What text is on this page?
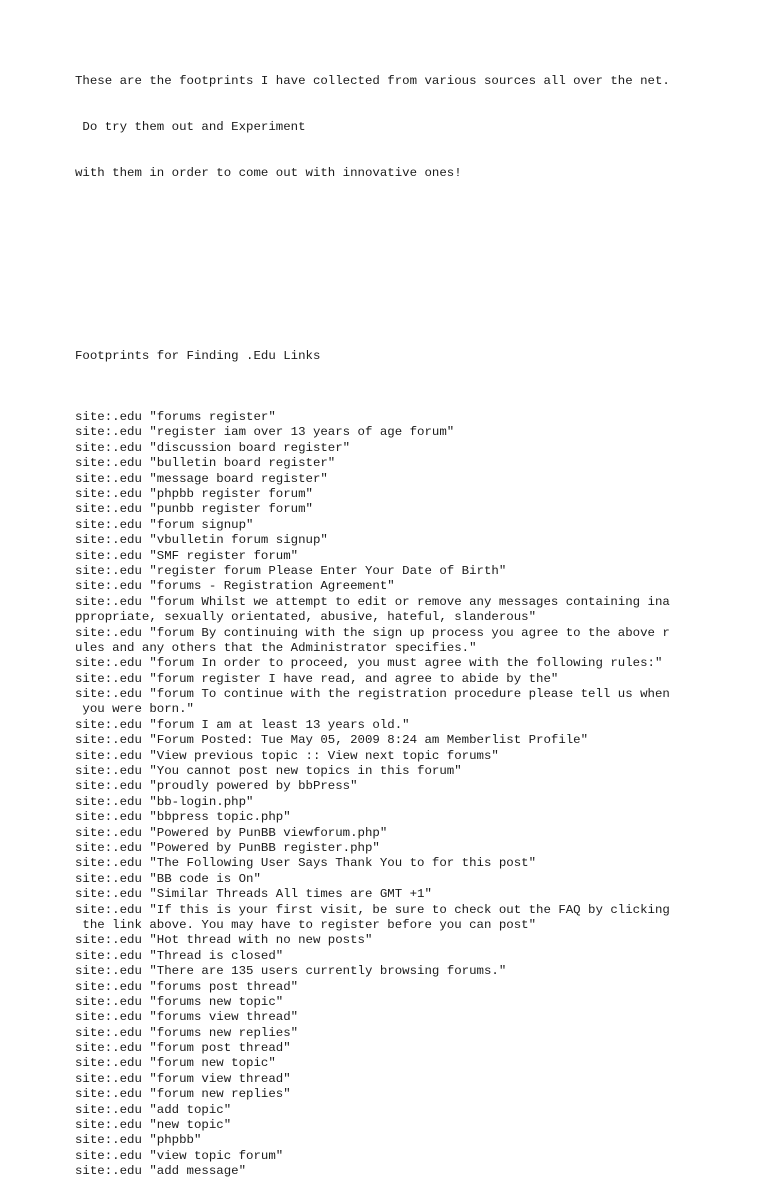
These are the footprints I have collected from various sources all over the net.

Do try them out and Experiment

with them in order to come out with innovative ones!

Footprints for Finding .Edu Links

site:.edu "forums register"
site:.edu "register iam over 13 years of age forum"
site:.edu "discussion board register"
site:.edu "bulletin board register"
site:.edu "message board register"
site:.edu "phpbb register forum"
site:.edu "punbb register forum"
site:.edu "forum signup"
site:.edu "vbulletin forum signup"
site:.edu "SMF register forum"
site:.edu "register forum Please Enter Your Date of Birth"
site:.edu "forums - Registration Agreement"
site:.edu "forum Whilst we attempt to edit or remove any messages containing ina
ppropriate, sexually orientated, abusive, hateful, slanderous"
site:.edu "forum By continuing with the sign up process you agree to the above r
ules and any others that the Administrator specifies."
site:.edu "forum In order to proceed, you must agree with the following rules:"
site:.edu "forum register I have read, and agree to abide by the"
site:.edu "forum To continue with the registration procedure please tell us when
you were born."
site:.edu "forum I am at least 13 years old."
site:.edu "Forum Posted: Tue May 05, 2009 8:24 am Memberlist Profile"
site:.edu "View previous topic :: View next topic forums"
site:.edu "You cannot post new topics in this forum"
site:.edu "proudly powered by bbPress"
site:.edu "bb-login.php"
site:.edu "bbpress topic.php"
site:.edu "Powered by PunBB viewforum.php"
site:.edu "Powered by PunBB register.php"
site:.edu "The Following User Says Thank You to for this post"
site:.edu "BB code is On"
site:.edu "Similar Threads All times are GMT +1"
site:.edu "If this is your first visit, be sure to check out the FAQ by clicking
the link above. You may have to register before you can post"
site:.edu "Hot thread with no new posts"
site:.edu "Thread is closed"
site:.edu "There are 135 users currently browsing forums."
site:.edu "forums post thread"
site:.edu "forums new topic"
site:.edu "forums view thread"
site:.edu "forums new replies"
site:.edu "forum post thread"
site:.edu "forum new topic"
site:.edu "forum view thread"
site:.edu "forum new replies"
site:.edu "add topic"
site:.edu "new topic"
site:.edu "phpbb"
site:.edu "view topic forum"
site:.edu "add message"
